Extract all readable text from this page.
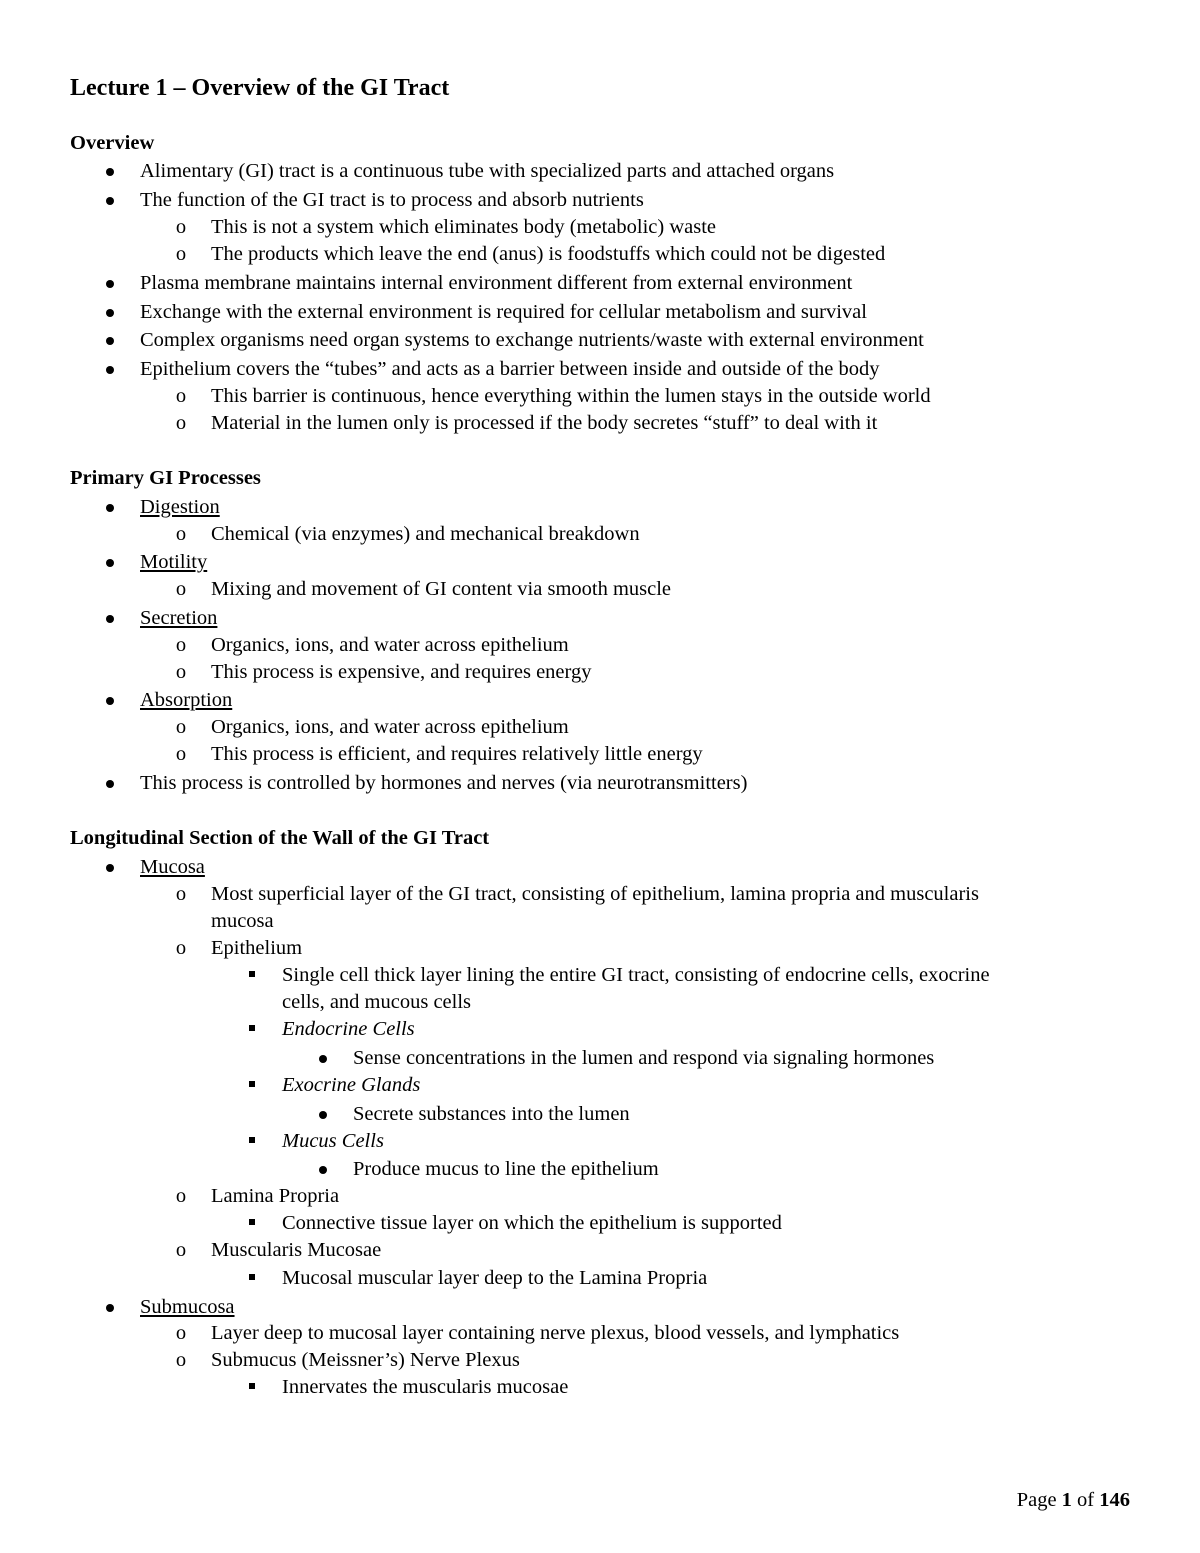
Lecture 1 – Overview of the GI Tract
Overview
Alimentary (GI) tract is a continuous tube with specialized parts and attached organs
The function of the GI tract is to process and absorb nutrients
o This is not a system which eliminates body (metabolic) waste
o The products which leave the end (anus) is foodstuffs which could not be digested
Plasma membrane maintains internal environment different from external environment
Exchange with the external environment is required for cellular metabolism and survival
Complex organisms need organ systems to exchange nutrients/waste with external environment
Epithelium covers the “tubes” and acts as a barrier between inside and outside of the body
o This barrier is continuous, hence everything within the lumen stays in the outside world
o Material in the lumen only is processed if the body secretes “stuff” to deal with it
Primary GI Processes
Digestion
o Chemical (via enzymes) and mechanical breakdown
Motility
o Mixing and movement of GI content via smooth muscle
Secretion
o Organics, ions, and water across epithelium
o This process is expensive, and requires energy
Absorption
o Organics, ions, and water across epithelium
o This process is efficient, and requires relatively little energy
This process is controlled by hormones and nerves (via neurotransmitters)
Longitudinal Section of the Wall of the GI Tract
Mucosa
o Most superficial layer of the GI tract, consisting of epithelium, lamina propria and muscularis
mucosa
o Epithelium
Single cell thick layer lining the entire GI tract, consisting of endocrine cells, exocrine
cells, and mucous cells
Endocrine Cells
Sense concentrations in the lumen and respond via signaling hormones
Exocrine Glands
Secrete substances into the lumen
Mucus Cells
Produce mucus to line the epithelium
o Lamina Propria
Connective tissue layer on which the epithelium is supported
o Muscularis Mucosae
Mucosal muscular layer deep to the Lamina Propria
Submucosa
o Layer deep to mucosal layer containing nerve plexus, blood vessels, and lymphatics
o Submucus (Meissner’s) Nerve Plexus
Innervates the muscularis mucosae
Page 1 of 146
